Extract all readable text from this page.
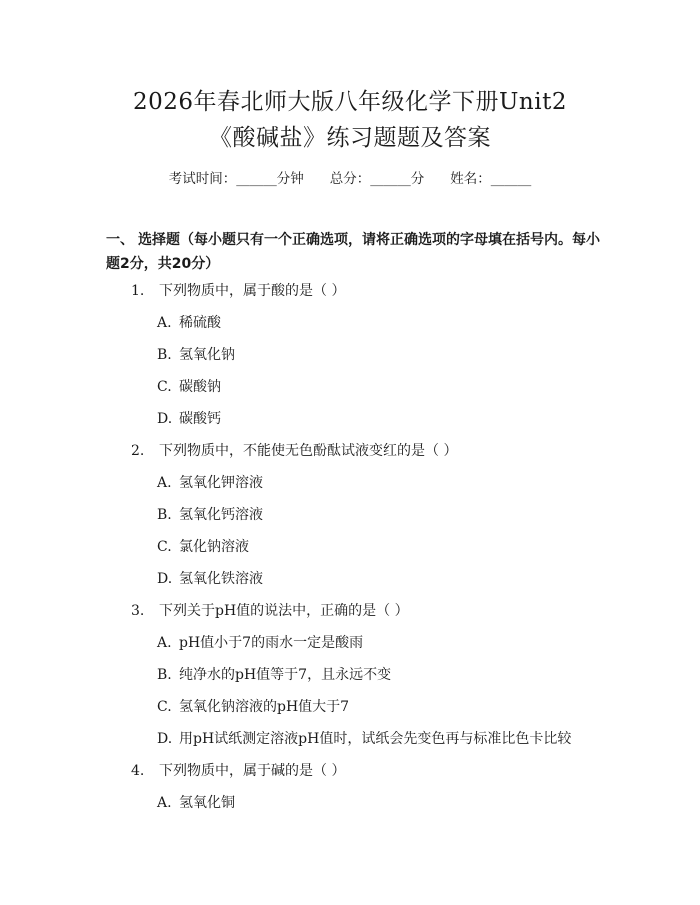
2026年春北师大版八年级化学下册Unit2
《酸碱盐》练习题题及答案
考试时间：______分钟 总分：______分 姓名：______
一、 选择题（每小题只有一个正确选项，请将正确选项的字母填在括号内。每小
题2分，共20分）
1. 下列物质中，属于酸的是（ ）
A. 稀硫酸
B. 氢氧化钠
C. 碳酸钠
D. 碳酸钙
2. 下列物质中，不能使无色酚酞试液变红的是（ ）
A. 氢氧化钾溶液
B. 氢氧化钙溶液
C. 氯化钠溶液
D. 氢氧化铁溶液
3. 下列关于pH值的说法中，正确的是（ ）
A. pH值小于7的雨水一定是酸雨
B. 纯净水的pH值等于7，且永远不变
C. 氢氧化钠溶液的pH值大于7
D. 用pH试纸测定溶液pH值时，试纸会先变色再与标准比色卡比较
4. 下列物质中，属于碱的是（ ）
A. 氢氧化铜
